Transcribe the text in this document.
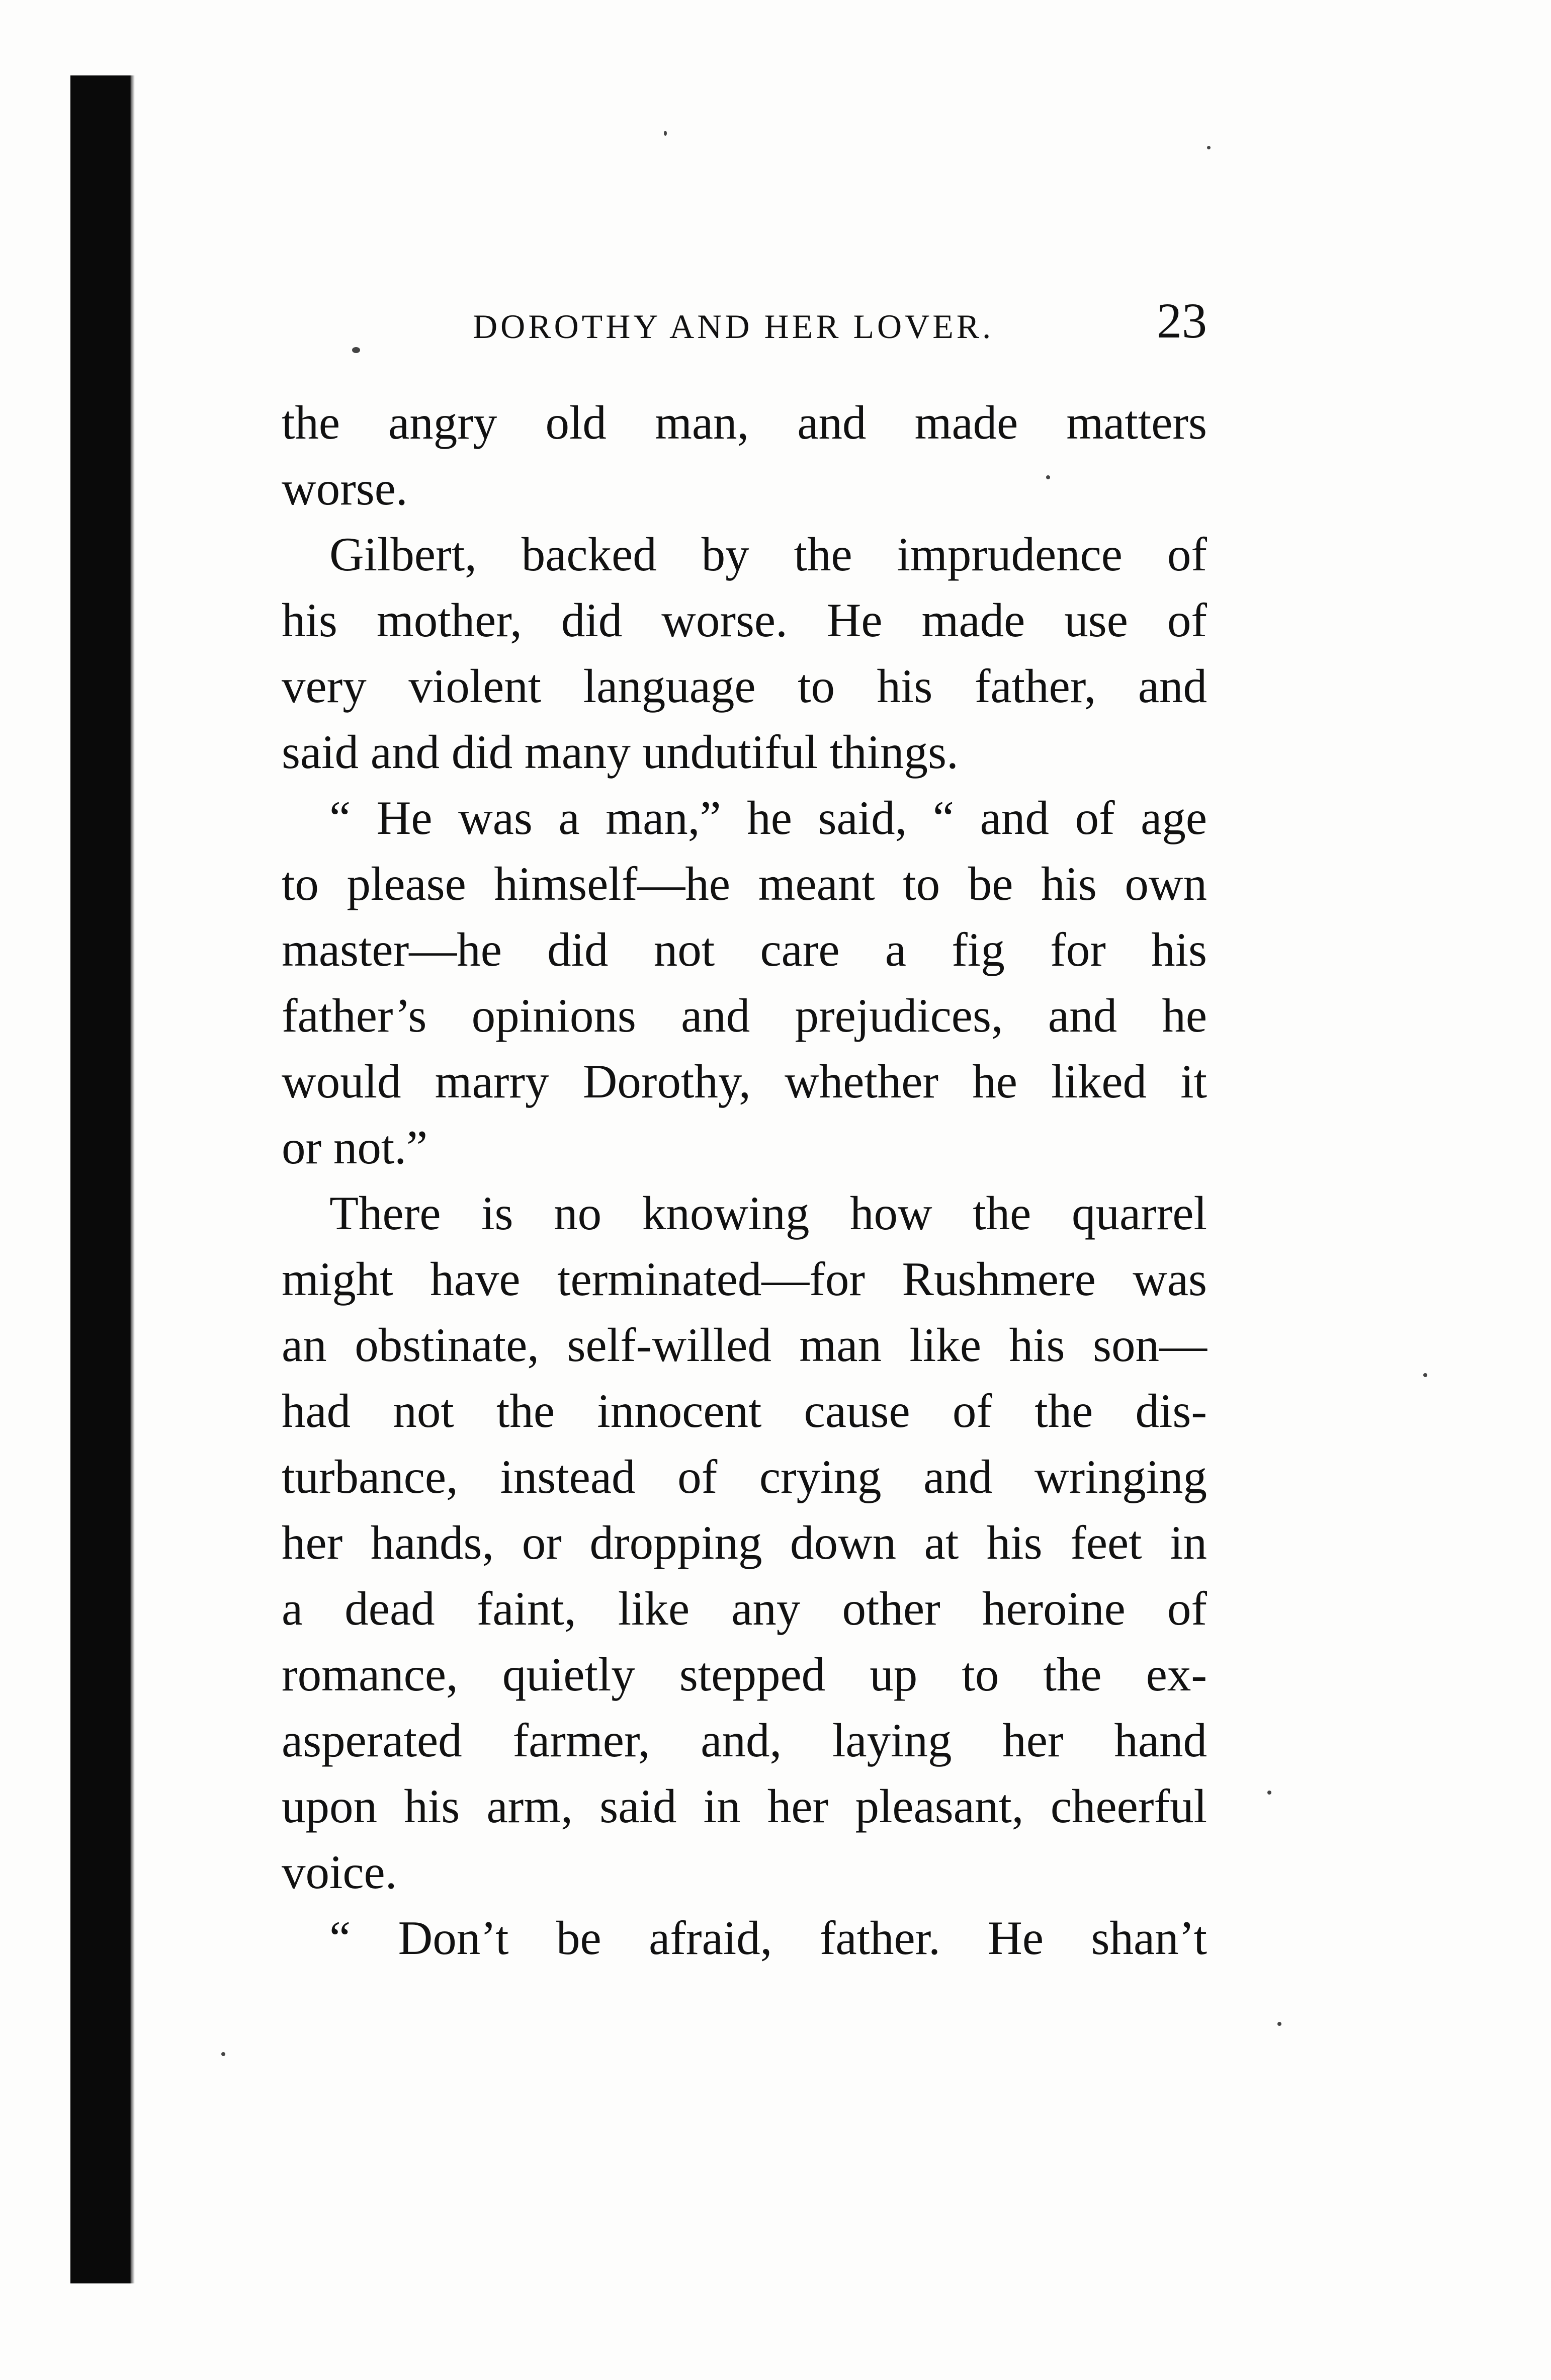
DOROTHY AND HER LOVER.	23
the angry old man, and made matters
worse.
Gilbert, backed by the imprudence of
his mother, did worse. He made use of
very violent language to his father, and
said and did many undutiful things.
“ He was a man,” he said, “ and of age
to please himself—he meant to be his own
master—he did not care a fig for his
father’s opinions and prejudices, and he
would marry Dorothy, whether he liked it
or not.”
There is no knowing how the quarrel
might have terminated—for Rushmere was
an obstinate, self-willed man like his son—
had not the innocent cause of the dis-
turbance, instead of crying and wringing
her hands, or dropping down at his feet in
a dead faint, like any other heroine of
romance, quietly stepped up to the ex-
asperated farmer, and, laying her hand
upon his arm, said in her pleasant, cheerful
voice.
“ Don’t be afraid, father. He shan’t
